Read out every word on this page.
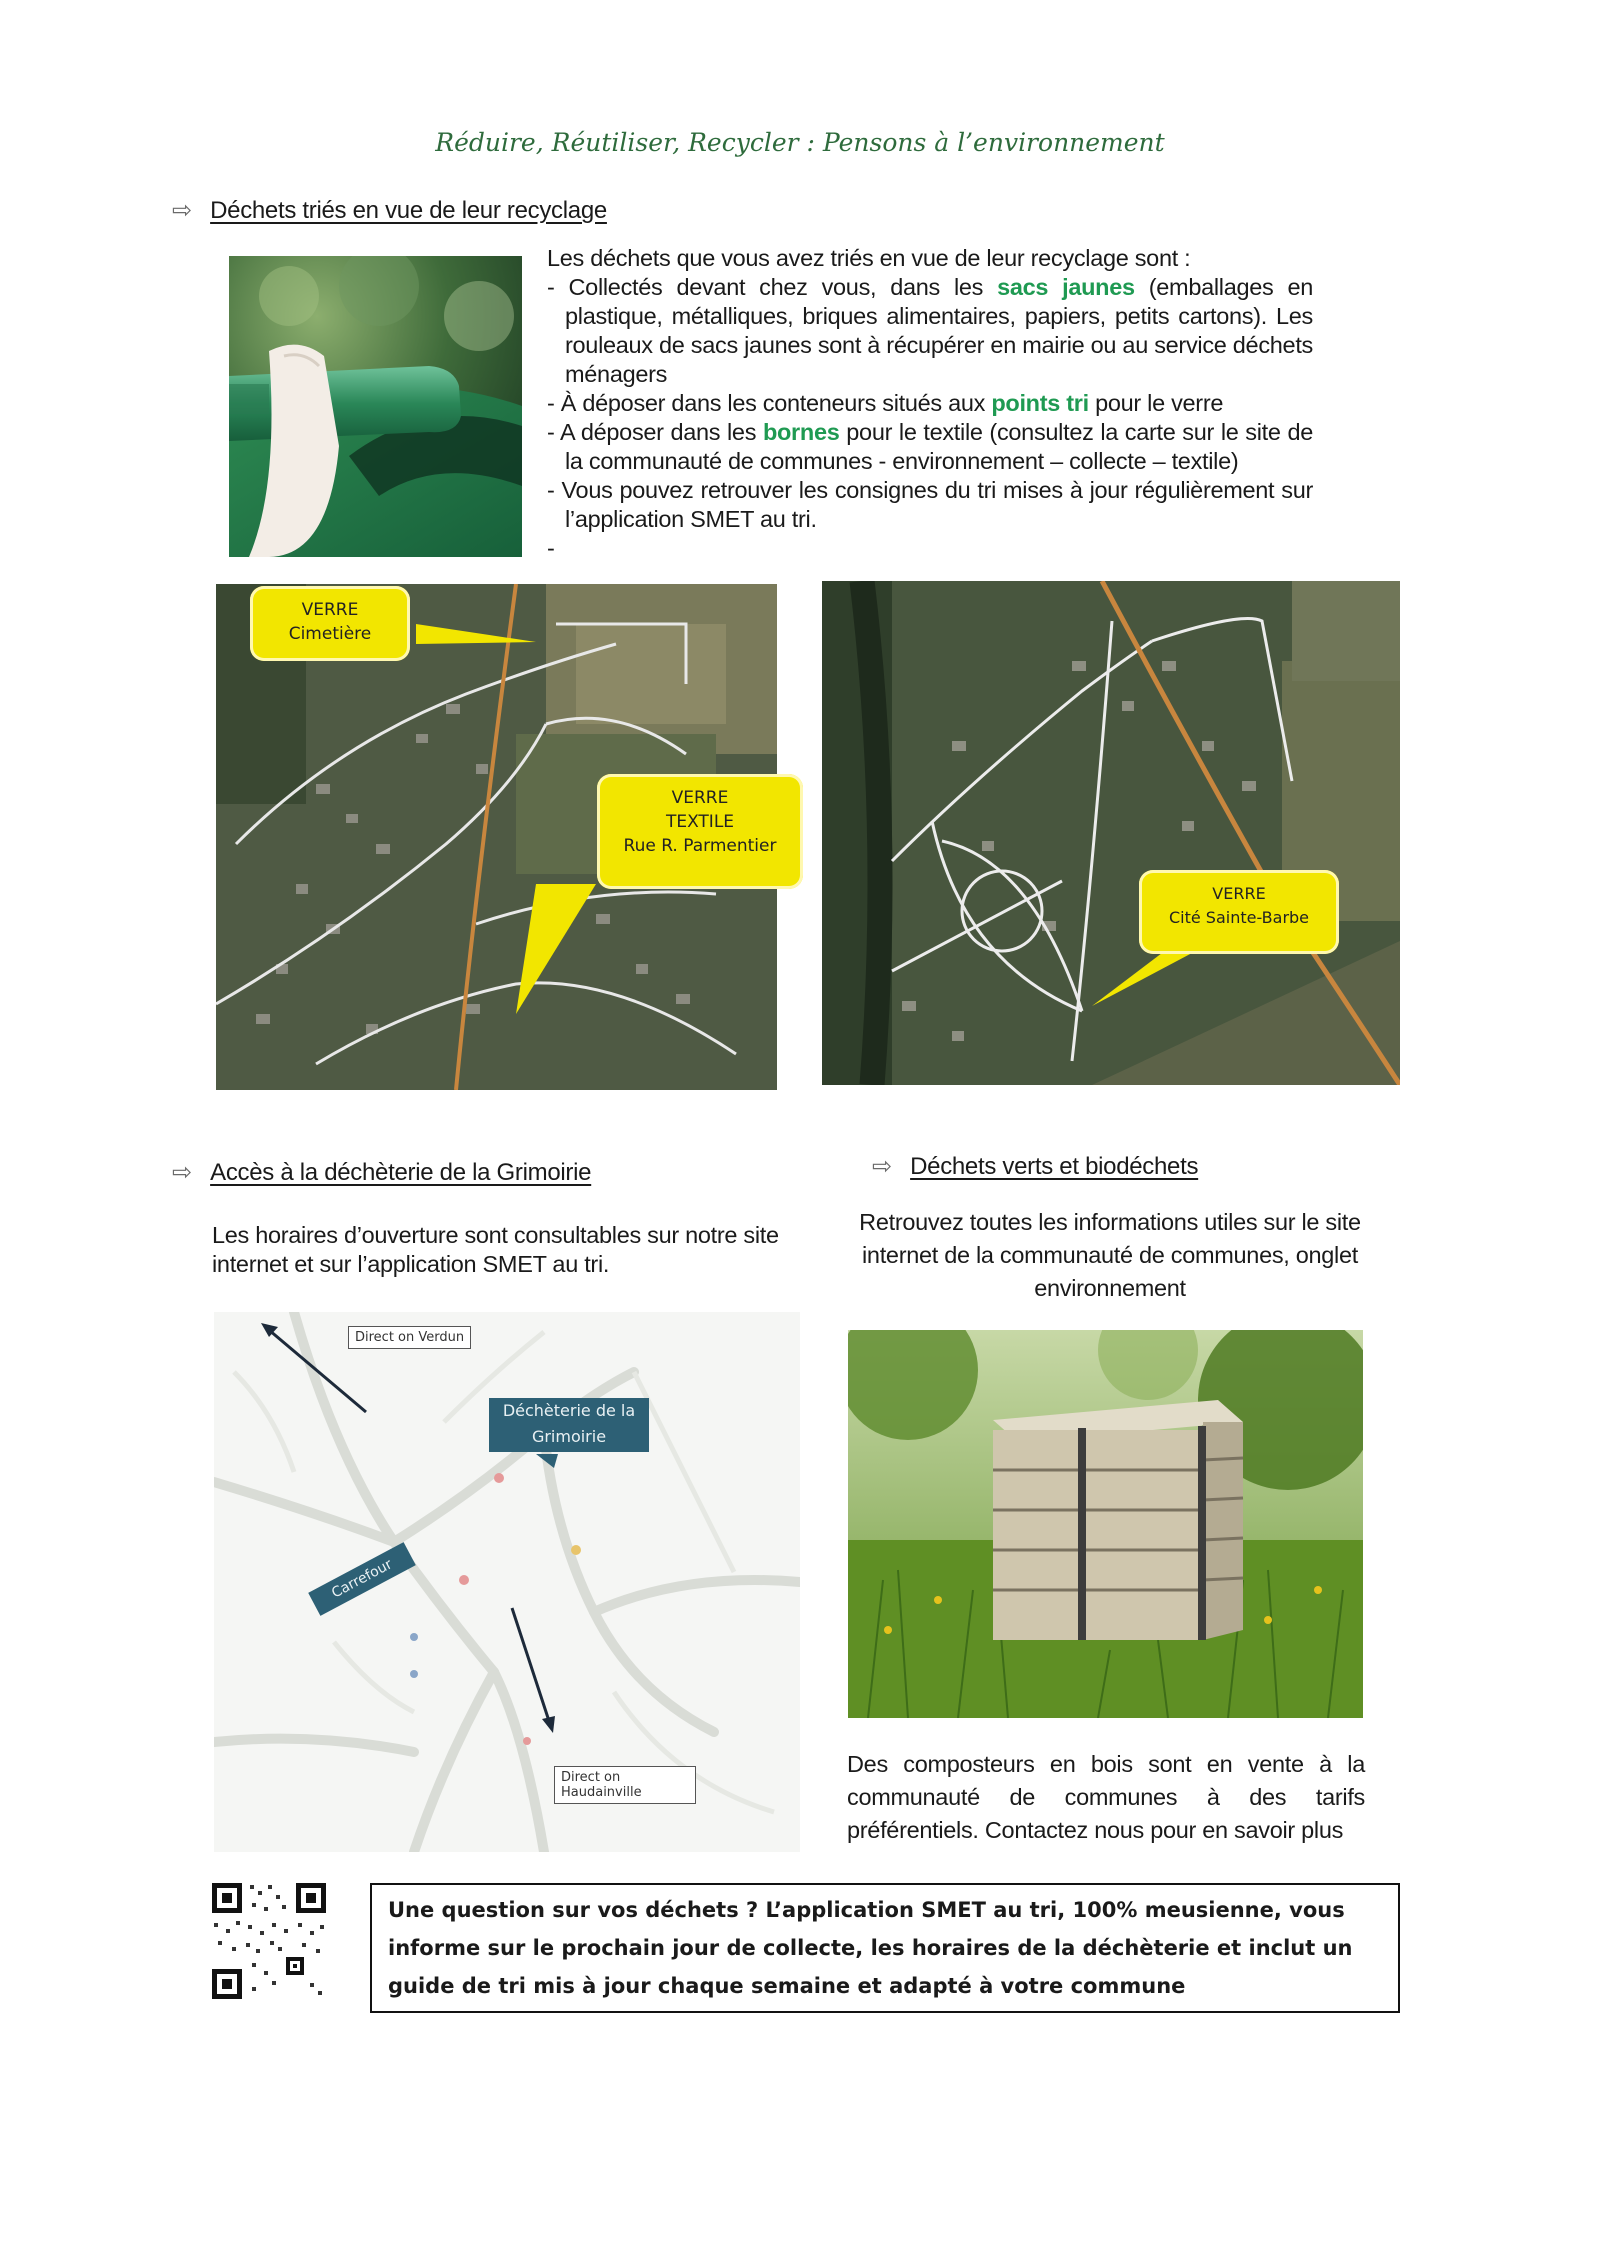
Réduire, Réutiliser, Recycler : Pensons à l’environnement
⇨ Déchets triés en vue de leur recyclage
Les déchets que vous avez triés en vue de leur recyclage sont :
- Collectés devant chez vous, dans les sacs jaunes (emballages en plastique, métalliques, briques alimentaires, papiers, petits cartons). Les rouleaux de sacs jaunes sont à récupérer en mairie ou au service déchets ménagers
- À déposer dans les conteneurs situés aux points tri pour le verre
- A déposer dans les bornes pour le textile (consultez la carte sur le site de la communauté de communes - environnement – collecte – textile)
- Vous pouvez retrouver les consignes du tri mises à jour régulièrement sur l’application SMET au tri.
-
VERRE
Cimetière
VERRE
TEXTILE
Rue R. Parmentier
VERRE
Cité Sainte-Barbe
⇨ Accès à la déchèterie de la Grimoirie
Les horaires d’ouverture sont consultables sur notre site internet et sur l’application SMET au tri.
Direct on Verdun
Déchèterie de la Grimoirie
Carrefour
Direct on Haudainville
⇨ Déchets verts et biodéchets
Retrouvez toutes les informations utiles sur le site internet de la communauté de communes, onglet environnement
Des composteurs en bois sont en vente à la communauté de communes à des tarifs préférentiels. Contactez nous pour en savoir plus
Une question sur vos déchets ? L’application SMET au tri, 100% meusienne, vous informe sur le prochain jour de collecte, les horaires de la déchèterie et inclut un guide de tri mis à jour chaque semaine et adapté à votre commune
